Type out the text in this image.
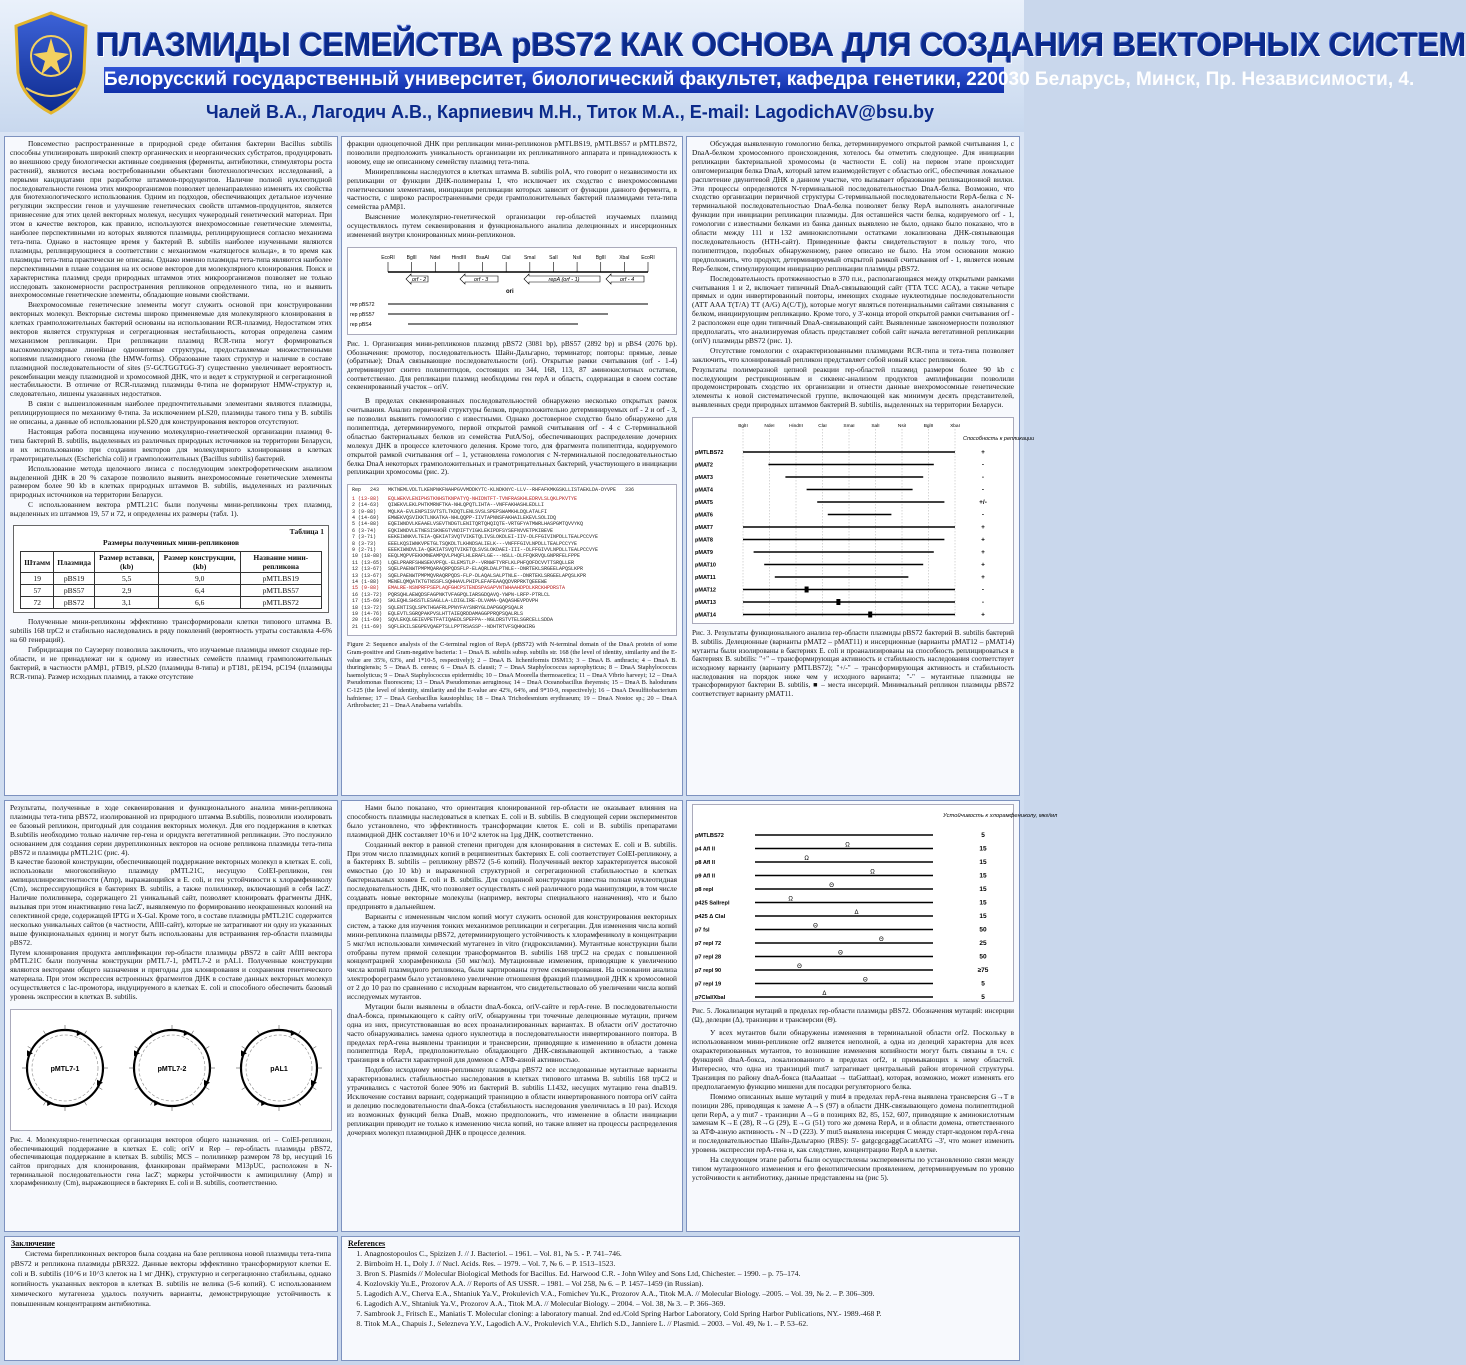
ПЛАЗМИДЫ СЕМЕЙСТВА pBS72 КАК ОСНОВА ДЛЯ СОЗДАНИЯ ВЕКТОРНЫХ СИСТЕМ
Белорусский государственный университет, биологический факультет, кафедра генетики, 220030 Беларусь, Минск, Пр. Независимости, 4.
Чалей В.А., Лагодич А.В., Карпиевич М.Н., Титок М.А., E-mail: LagodichAV@bsu.by

Повсеместно распространенные в природной среде обитания бактерии Bacillus subtilis способны утилизировать широкий спектр органических и неорганических субстратов, продуцировать во внешнюю среду биологически активные соединения (ферменты, антибиотики, стимуляторы роста растений), являются весьма востребованными объектами биотехнологических исследований, а первыми кандидатами при разработке штаммов-продуцентов. Наличие полной нуклеотидной последовательности генома этих микроорганизмов позволяет целенаправленно изменять их свойства для биотехнологического использования. Одним из подходов, обеспечивающих детальное изучение регуляции экспрессии генов и улучшение генетических свойств штаммов-продуцентов, является привнесение для этих целей векторных молекул, несущих чужеродный генетический материал. При этом в качестве векторов, как правило, используются внехромосомные генетические элементы, наиболее перспективными из которых являются плазмиды, реплицирующиеся согласно механизма тета-типа. Однако в настоящее время у бактерий B. subtilis наиболее изученными являются плазмиды, реплицирующиеся в соответствии с механизмом «катящегося кольца», в то время как плазмиды тета-типа практически не описаны. Однако именно плазмиды тета-типа являются наиболее перспективными в плане создания на их основе векторов для молекулярного клонирования. Поиск и характеристика плазмид среди природных штаммов этих микроорганизмов позволяет не только исследовать закономерности распространения репликонов определенного типа, но и выявить внехромосомные генетические элементы, обладающие новыми свойствами.

Внехромосомные генетические элементы могут служить основой при конструировании векторных молекул. Векторные системы широко применяемые для молекулярного клонирования в клетках грамположительных бактерий основаны на использовании RCR-плазмид. Недостатком этих векторов является структурная и сегрегационная нестабильность, которая определена самим механизмом репликации. При репликации плазмид RCR-типа могут формироваться высокомолекулярные линейные однонитевые структуры, предоставляемые множественными копиями плазмидного генома (the HMW-forms). Образование таких структур и наличие в составе плазмидной последовательности of sites (5'-GCTGGTGG-3') существенно увеличивает вероятность рекомбинации между плазмидной и хромосомной ДНК, что и ведет к структурной и сегрегационной нестабильности. В отличие от RCR-плазмид плазмиды θ-типа не формируют HMW-структур и, следовательно, лишены указанных недостатков.

В связи с вышеизложенным наиболее предпочтительными элементами являются плазмиды, реплицирующиеся по механизму θ-типа. За исключением pLS20, плазмиды такого типа у B. subtilis не описаны, а данные об использовании pLS20 для конструирования векторов отсутствуют.

Настоящая работа посвящена изучению молекулярно-генетической организации плазмид θ-типа бактерий B. subtilis, выделенных из различных природных источников на территории Беларуси, и их использованию при создании векторов для молекулярного клонирования в клетках грамотрицательных (Escherichia coli) и грамположительных (Bacillus subtilis) бактерий.

Использование метода щелочного лизиса с последующим электрофоретическим анализом выделенной ДНК в 20 % сахарозе позволило выявить внехромосомные генетические элементы размером более 90 kb в клетках природных штаммов B. subtilis, выделенных из различных природных источников на территории Беларуси.

С использованием вектора pMTL21C были получены мини-репликоны трех плазмид, выделенных из штаммов 19, 57 и 72, и определены их размеры (табл. 1).

Таблица 1
Размеры полученных мини-репликонов
Штамм	Плазмида	Размер вставки, (kb)	Размер конструкции, (kb)	Название мини-репликона
19	pBS19	5,5	9,0	pMTLBS19
57	pBS57	2,9	6,4	pMTLBS57
72	pBS72	3,1	6,6	pMTLBS72

Полученные мини-репликоны эффективно трансформировали клетки типового штамма B. subtilis 168 trpC2 и стабильно наследовались в ряду поколений (вероятность утраты составляла 4-6% на 60 генераций).

Гибридизация по Саузерну позволила заключить, что изучаемые плазмиды имеют сходные rep-области, и не принадлежат ни к одному из известных семейств плазмид грамположительных бактерий, в частности pAMβ1, pTB19, pLS20 (плазмиды θ-типа) и pT181, pE194, pC194 (плазмиды RCR-типа). Размер исходных плазмид, а также отсутствие

фракции одноцепочной ДНК при репликации мини-репликонов pMTLBS19, pMTLBS57 и pMTLBS72, позволили предположить уникальность организации их репликативного аппарата и принадлежность к новому, еще не описанному семейству плазмид тета-типа.

Минирепликоны наследуются в клетках штамма B. subtilis polA, что говорит о независимости их репликации от функции ДНК-полимеразы I, что исключает их сходство с внехромосомными генетическими элементами, инициация репликации которых зависит от функции данного фермента, в частности, с широко распространенными среди грамположительных бактерий плазмидами тета-типа семейства pAMβ1.

Выяснение молекулярно-генетической организации rep-областей изучаемых плазмид осуществлялось путем секвенирования и функционального анализа делеционных и инсерционных изменений внутри клонированных мини-репликонов.

EcoRI BglII	NdeI HindIII BsaAI	ClaI	SmaI	SalI	NsiI	BglII	XbaI EcoRI
orf - 2	orf - 3	repA (orf - 1)	orf - 4
ori
rep pBS72
rep pBS57
rep pBS4
Рис. 1. Организация мини-репликонов плазмид pBS72 (3081 bp), pBS57 (2892 bp) и pBS4 (2076 bp). Обозначения: промотор, последовательность Шайн-Дальгарно, терминатор; повторы: прямые, левые (обратные); DnaA связывающие последовательности (ori). Открытые рамки считывания (orf - 1-4) детерминируют синтез полипептидов, состоящих из 344, 168, 113, 87 аминокислотных остатков, соответственно. Для репликации плазмид необходимы ген repA и область, содержащая в своем составе секвенированный участок – oriV.

В пределах секвенированных последовательностей обнаружено несколько открытых рамок считывания. Анализ первичной структуры белков, предположительно детерминируемых orf - 2 и orf - 3, не позволил выявить гомологию с известными. Однако достоверное сходство было обнаружено для полипептида, детерминируемого, первой открытой рамкой считывания orf - 4 с С-терминальной областью бактериальных белков из семейства PutA/Soj, обеспечивающих распределение дочерних молекул ДНК в процессе клеточного деления. Кроме того, для фрагмента полипептида, кодируемого открытой рамкой считывания orf – 1, установлена гомология с N-терминальной последовательностью белка DnaA некоторых грамположительных и грамотрицательных бактерий, участвующего в инициации репликации хромосомы (рис. 2).

Rep   243   MKTNEMLVDLTLKENPNKFNAHPGVVMDDKYTC-KLNDKNYC-LLV--RHFAFKMKGSKLLISTAEKLDA-DYVPE   336
1 (13-88)   EQLWEKVLENIPHSTKNHSTKNPATYQ-NHIDNTFT-TVNFRASKHLEDRVLSLQKLPKVTYE
2 (14-63)   QIWEKVLEKLPHTKMRNFTKA-NHLQPQTLIHTA--VNFFAKHASHLEDLLI
3 (9-88)    MQLKA-EVLENPSISVTSTLTKDQTLENLSVSLSPEPSWAMKHLDQLATALFI
4 (14-69)   EMWEKVQSVIKKTLNKATKA-NHLQQPP-IIVTAPNNSFAKHAILEKEVLSOLIDQ
5 (14-88)   EQEIWNDVLKEAAELVSEVTNDGTLENITQRTQHQIQTE-VRTGFYATMWRLHASPGMTQVVYKQ
6 (3-74)    EQKIWNDVLETNESISKNEGTVNDIFTYIGKLEKIPDFSYSEFNVVETPKIBEVE
7 (3-71)    EEKEIWNKVLTEIA-QEKIAT3VQTVIKETQLIVSLOKDLEI-IIV-DLFFGIVINPDLLTEALPCCVYE
8 (3-73)    EEELKQSIWNKVPETGLTSQKDLTLKHNDSALIELK---VNFFFGIVLNPDLLTEALPCCYYE
9 (2-71)    EEEKIWNDVLIA-QEKIATSVQTVIKETQLSVSLOKDAEI-III--DLFFGIVVLNPDLLTEALPCCVYE
10 (18-88)  EEQLMQPVFEKKMNEAMPQVLPHQFLHLERAFLGE---NSLL-DLFFQKRVQLGNPRFELFPPE
11 (13-65)  LQELPRARFSHWSEKVPFQL-ELEMSTLP--VRNWFTYRFLKLPHFQOFDCVVTTSRQLLER
12 (13-67)  SQELPAENWTPMPMQARAQRPQDSFLP-ELAQRLDALPTNLE--DNRTEKLSRGEELAPQSLKPR
13 (13-67)  SQELPAENWTPMPMQVRAQRPQDS-FLP-DLAQALSALPTNLE--DNRTEKLSRGEELAPQSLKPR
14 (1-88)   MENELQMQATKTGTNSSFLSQHHAVLPHIPLEFAFEAAQQDVRPRKTQEEEWE
15 (9-88)   EMALRE-NSNPRFPSEPLAQFGHCPSTENDSPASAPVNTWHAAHDPDLKRCKHPDRSTA
16 (13-72)  PQRSQHLAEWQDSFAGPNKTVFAGPQLIARSGDQAVQ-YWPN-LRFP-PTRLCL
17 (15-69)  SKLEQHLSHSSTLESAGLLA-LDIGLIRE-DLVAMA-QAQASHEVPDVPH
18 (13-72)  SQLENTISQLSPKTHGAFRLPPNYFAYSNRYGLDAPGGQPSQALR
19 (14-76)  EQLEVTLSGRQPAKPVSLHTTAIEQRDDAMAGGPPRQPSQALRLS
20 (11-69)  SQVLEKQLGEIEVPETFATIQAEDLSPEFPA--NGLDRSTVTELSGRCELLSDDA
21 (11-69)  SQFLEKILSEGPEVQAEPTSLLPPTRSASSP--NDHTRTVFSQHKWIRG
Figure 2: Sequence analysis of the C-terminal region of RepA (pBS72) with N-terminal domain of the DnaA protein of some Gram-positive and Gram-negative bacteria: 1 – DnaA B. subtilis subsp. subtilis str. 168 (the level of identity, similarity and the E-value are 35%, 63%, and 1*10-5, respectively); 2 – DnaA B. licheniformis DSM13; 3 – DnaA B. anthracis; 4 – DnaA B. thuringiensis; 5 – DnaA B. cereus; 6 – DnaA B. clausii; 7 – DnaA Staphylococcus saprophyticus; 8 – DnaA Staphylococcus haemolyticus; 9 – DnaA Staphylococcus epidermidis; 10 – DnaA Moorella thermoacetica; 11 – DnaA Vibrio harveyi; 12 – DnaA Pseudomonas fluorescens; 13 – DnaA Pseudomonas aeruginosa; 14 – DnaA Oceanobacillus iheyensis; 15 – DnaA B. halodurans C-125 (the level of identity, similarity and the E-value are 42%, 64%, and 9*10-9, respectively); 16 – DnaA Desulfitobacterium hafniense; 17 – DnaA Geobacillus kaustophilus; 18 – DnaA Trichodesmium erythraeum; 19 – DnaA Nostoc sp.; 20 – DnaA Arthrobacter; 21 – DnaA Anabaena variabilis.

Обсуждая выявленную гомологию белка, детерминируемого открытой рамкой считывания 1, с DnaA-белком хромосомного происхождения, хотелось бы отметить следующее. Для инициации репликации бактериальной хромосомы (в частности E. coli) на первом этапе происходит олигомеризация белка DnaA, который затем взаимодействует с областью oriC, обеспечивая локальное расплетение двунитевой ДНК в данном участке, что вызывает образование репликационной вилки. Эти процессы определяются N-терминальной последовательностью DnaA-белка. Возможно, что сходство организации первичной структуры C-терминальной последовательности RepA-белка с N-терминальной последовательностью DnaA-белка позволяет белку RepA выполнять аналогичные функции при инициации репликации плазмиды. Для оставшейся части белка, кодируемого orf - 1, гомологии с известными белками из банка данных выявлено не было, однако было показано, что в области между 111 и 132 аминокислотными остатками локализована ДНК-связывающая последовательность (HTH-сайт). Приведенные факты свидетельствуют в пользу того, что полипептидов, подобных обнаруженному, ранее описано не было. На этом основании можно предположить, что продукт, детерминируемый открытой рамкой считывания orf - 1, является новым Rep-белком, стимулирующим инициацию репликации плазмиды pBS72.

Последовательность протяженностью в 370 п.н., располагающаяся между открытыми рамками считывания 1 и 2, включает типичный DnaA-связывающий сайт (TTA TCC ACA), а также четыре прямых и один инвертированный повторы, имеющих сходные нуклеотидные последовательности (ATT AAA T(T/A) TT (A/G) A(C/T)), которые могут являться потенциальными сайтами связывания с белком, инициирующим репликацию. Кроме того, у 3'-конца второй открытой рамки считывания orf - 2 расположен еще один типичный DnaA-связывающий сайт. Выявленные закономерности позволяют предполагать, что анализируемая область представляет собой сайт начала вегетативной репликации (oriV) плазмиды pBS72 (рис. 1).

Отсутствие гомологии с охарактеризованными плазмидами RCR-типа и тета-типа позволяет заключить, что клонированный репликон представляет собой новый класс репликонов.

Результаты полимеразной цепной реакции rep-областей плазмид размером более 90 kb с последующим рестрикционным и сиквенс-анализом продуктов амплификации позволили продемонстрировать сходство их организации и отнести данные внехромосомные генетические элементы к новой систематической группе, включающей как минимум десять представителей, выявленных среди природных штаммов бактерий B. subtilis, выделенных на территории Беларуси.

BglII	NdeI	HindIII	ClaI	SmaI	SalI	NsiI	BglII	XbaI
Способность к репликации
pMTLBS72	+
pMAT2	-
pMAT3	-
pMAT4	-
pMAT5	+/-
pMAT6	-
pMAT7	+
pMAT8	+
pMAT9	+
pMAT10	+
pMAT11	+
pMAT12	-
pMAT13	-
pMAT14	+
Рис. 3. Результаты функционального анализа rep-области плазмиды pBS72 бактерий B. subtilis бактерий B. subtilis. Делеционные (варианты pMAT2 – pMAT11) и инсерционные (варианты pMAT12 – pMAT14) мутанты были изолированы в бактериях E. coli и проанализированы на способность реплицироваться в бактериях B. subtilis: "+" – трансформирующая активность и стабильность наследования соответствует исходному варианту (варианту pMTLBS72); "+/-" – трансформирующая активность и стабильность наследования на порядок ниже чем у исходного варианта; "-" – мутантные плазмиды не трансформируют бактерии B. subtilis, ■ – места инсерций. Минимальный репликон плазмиды pBS72 соответствует варианту pMAT11.

Результаты, полученные в ходе секвенирования и функционального анализа мини-репликона плазмиды тета-типа pBS72, изолированной из природного штамма B.subtilis, позволили изолировать ее базовый репликон, пригодный для создания векторных молекул. Для его поддержания в клетках B.subtilis необходимо только наличие rep-гена и оридукта вегетативной репликации. Это послужило основанием для создания серии двурепликонных векторов на основе репликона плазмиды тета-типа pBS72 и плазмиды pMTL21C (рис. 4).

В качестве базовой конструкции, обеспечивающей поддержание векторных молекул в клетках E. coli, использовали многокопийную плазмиду pMTL21C, несущую ColEI-репликон, ген ампициллинрезистентности (Amp), выражающийся в E. coli, и ген устойчивости к хлорамфениколу (Cm), экспрессирующийся в бактериях B. subtilis, а также полилинкер, включающий в себя lacZ'. Наличие полилинкера, содержащего 21 уникальный сайт, позволяет клонировать фрагменты ДНК, вызывая при этом инактивацию гена lacZ', выявляемую по формированию неокрашенных колоний на селективной среде, содержащей IPTG и X-Gal. Кроме того, в составе плазмиды pMTL21C содержится несколько уникальных сайтов (в частности, AflII-сайт), которые не затрагивают ни одну из указанных выше функциональных единиц и могут быть использованы для встраивания rep-области плазмиды pBS72.

Путем клонирования продукта амплификации rep-области плазмиды pBS72 в сайт AflII вектора pMTL21C были получены конструкции pMTL7-1, pMTL7-2 и pAL1. Полученные конструкции являются векторами общего назначения и пригодны для клонирования и сохранения генетического материала. При этом экспрессия встроенных фрагментов ДНК в составе данных векторных молекул осуществляется с lac-промотора, индуцируемого в клетках E. coli и способного обеспечить базовый уровень экспрессии в клетках B. subtilis.

pMTL7-1	pMTL7-2	pAL1
Рис. 4. Молекулярно-генетическая организация векторов общего назначения. ori – ColEI-репликон, обеспечивающий поддержание в клетках E. coli; oriV и Rep – rep-область плазмиды pBS72, обеспечивающая поддержание в клетках B. subtilis; MCS – полилинкер размером 78 bp, несущий 16 сайтов пригодных для клонирования, фланкирован праймерами M13pUC, расположен в N-терминальной последовательности гена lacZ'; маркеры устойчивости к ампициллину (Amp) и хлорамфениколу (Cm), выражающиеся в бактериях E. coli и B. subtilis, соответственно.

Нами было показано, что ориентация клонированной rep-области не оказывает влияния на способность плазмиды наследоваться в клетках E. coli и B. subtilis. В следующей серии экспериментов было установлено, что эффективность трансформации клеток E. coli и B. subtilis препаратами плазмидной ДНК составляет 10^6 и 10^2 клеток на 1µg ДНК, соответственно.

Созданный вектор в равной степени пригоден для клонирования в системах E. coli и B. subtilis. При этом число плазмидных копий в реципиентных бактериях E. coli соответствует ColEI-репликону, а в бактериях B. subtilis – репликону pBS72 (5-6 копий). Полученный вектор характеризуется высокой емкостью (до 10 kb) и выраженной структурной и сегрегационной стабильностью в клетках бактериальных хозяев E. coli и B. subtilis. Для созданной конструкции известна полная нуклеотидная последовательность ДНК, что позволяет осуществлять с ней различного рода манипуляции, в том числе создавать новые векторные молекулы (например, векторы специального назначения), что и было предпринято в дальнейшем.

Варианты с измененным числом копий могут служить основой для конструирования векторных систем, а также для изучения тонких механизмов репликации и сегрегации. Для изменения числа копий мини-репликона плазмиды pBS72, детерминирующего устойчивость к хлорамфениколу в концентрации 5 мкг/мл использовали химический мутагенез in vitro (гидроксиламин). Мутантные конструкции были отобраны путем прямой селекции трансформантов B. subtilis 168 trpC2 на средах с повышенной концентрацией хлорамфеникола (50 мкг/мл). Мутационные изменения, приводящие к увеличению числа копий плазмидного репликона, были картированы путем секвенирования. На основании анализа электрофореграмм было установлено увеличение отношения фракций плазмидной ДНК к хромосомной от 2 до 10 раз по сравнению с исходным вариантом, что свидетельствовало об увеличении числа копий исследуемых мутантов.

Мутации были выявлены в области dnaA-бокса, oriV-сайте и repA-гене. В последовательности dnaA-бокса, примыкающего к сайту oriV, обнаружены три точечные делеционные мутации, причем одна из них, присутствовавшая во всех проанализированных вариантах. В области oriV достаточно часто обнаруживались замена одного нуклеотида в последовательности инвертированного повтора. В пределах repA-гена выявлены транзиции и трансверсии, приводящие к изменению в области домена полипептида RepA, предположительно обладающего ДНК-связывающей активностью, а также транзиция в области характерной для доменов с АТФ-азной активностью.

Подобно исходному мини-репликону плазмиды pBS72 все исследованные мутантные варианты характеризовались стабильностью наследования в клетках типового штамма B. subtilis 168 trpC2 и утрачивались с частотой более 90% из бактерий B. subtilis L1432, несущих мутацию гена dnaB19. Исключение составил вариант, содержащий транзицию в области инвертированного повтора oriV сайта и делецию последовательности dnaA-бокса (стабильность наследования увеличилась в 10 раз). Исходя из возможных функций белка DnaB, можно предположить, что изменение в области инициации репликации приводит не только к изменению числа копий, но также влияет на процессы распределения дочерних молекул плазмидной ДНК в процессе деления.

Устойчивость к хлорамфениколу, мкг/мл
pMTLBS72	5
p4 Afl II
Ω	15
p8 Afl II
Ω	15
p9 Afl II
Ω	15
p8 repl
Θ	15
p425 SalIrepl
Ω	15
p425 Δ ClaI
Δ	15
p7 fsl
Θ	50
p7 repl 72
Θ	25
p7 repl 28
Θ	50
p7 repl 90
Θ	≥75
p7 repl 19
Θ	5
p7ClaI/XbaI
Δ	5
Рис. 5. Локализация мутаций в пределах rep-области плазмиды pBS72. Обозначения мутаций: инсерции (Ω), делеции (Δ), транзиции и трансверсии (Θ).

У всех мутантов были обнаружены изменения в терминальной области orf2. Поскольку в использованном мини-репликоне orf2 является неполной, а одна из делеций характерна для всех охарактеризованных мутантов, то возникшие изменения копийности могут быть связаны в т.ч. с функцией dnaA-бокса, локализованного в пределах orf2, и примыкающих к нему областей. Интересно, что одна из транзиций mut7 затрагивает центральный район вторичной структуры. Транзиция по району dnaA-бокса (ttaAaattaat → ttaGatttaat), которая, возможно, может изменять его предполагаемую функцию мишени для посадки регуляторного белка.

Помимо описанных выше мутаций у mut4 в пределах repA-гена выявлена трансверсия G→T в позиции 286, приводящая к замене A→S (97) в области ДНК-связывающего домена полипептидной цепи RepA, а у mut7 - транзиции A→G в позициях 82, 85, 152, 607, приводящие к аминокислотным заменам K→E (28), R→G (29), E→G (51) того же домена RepA, и в области домена, ответственного за АТФ-азную активность - N→D (223). У mut5 выявлена инсерция С между старт-кодоном repA-гена и последовательностью Шайн-Дальгарно (RBS): 5'- gatgcgcgaggCacattATG –3', что может изменить уровень экспрессии repA-гена и, как следствие, концентрацию RepA в клетке.

На следующем этапе работы были осуществлены эксперименты по установлению связи между типом мутационного изменения и его фенотипическим проявлением, детерминируемым по уровню устойчивости к антибиотику, данные представлены на (рис 5).

Заключение
Система бирепликонных векторов была создана на базе репликона новой плазмиды тета-типа pBS72 и репликона плазмиды pBR322. Данные векторы эффективно трансформируют клетки E. coli и B. subtilis (10^6 и 10^3 клеток на 1 мг ДНК), структурно и сегрегационно стабильны, однако копийность указанных векторов в клетках B. subtilis не велика (5-6 копий). С использованием химического мутагенеза удалось получить варианты, демонстрирующие устойчивость к повышенным концентрациям антибиотика.
References
1. Anagnostopoulos C., Spizizen J. // J. Bacteriol. – 1961. – Vol. 81, № 5. - P. 741–746.
2. Birnboim H. L, Doly J. // Nucl. Acids. Res. – 1979. – Vol. 7, № 6. – P. 1513–1523.
3. Bron S. Plasmids // Molecular Biological Methods for Bacillus. Ed. Harwood C.R. - John Wiley and Sons Ltd, Chichester. – 1990. – p. 75–174.
4. Kozlovskiy Yu.E., Prozorov A.A. // Reports of AS USSR. – 1981. – Vol 258, № 6. – P. 1457–1459 (in Russian).
5. Lagodich A.V., Cherva E.A., Shtaniuk Ya.V., Prokulevich V.A., Fomichev Yu.K., Prozorov A.A., Titok M.A. // Molecular Biology. –2005. – Vol. 39, № 2. – P. 306–309.
6. Lagodich A.V., Shtaniuk Ya.V., Prozorov A.A., Titok M.A. // Molecular Biology. – 2004. – Vol. 38, № 3. – P. 366–369.
7. Sambrook J., Fritsch E., Maniatis T. Molecular cloning: a laboratory manual. 2nd ed./Cold Spring Harbor Laboratory, Cold Spring Harbor Publications, NY.- 1989.-468 P.
8. Titok M.A., Chapuis J., Selezneva Y.V., Lagodich A.V., Prokulevich V.A., Ehrlich S.D., Janniere L. // Plasmid. – 2003. – Vol. 49, № 1. – P. 53–62.
